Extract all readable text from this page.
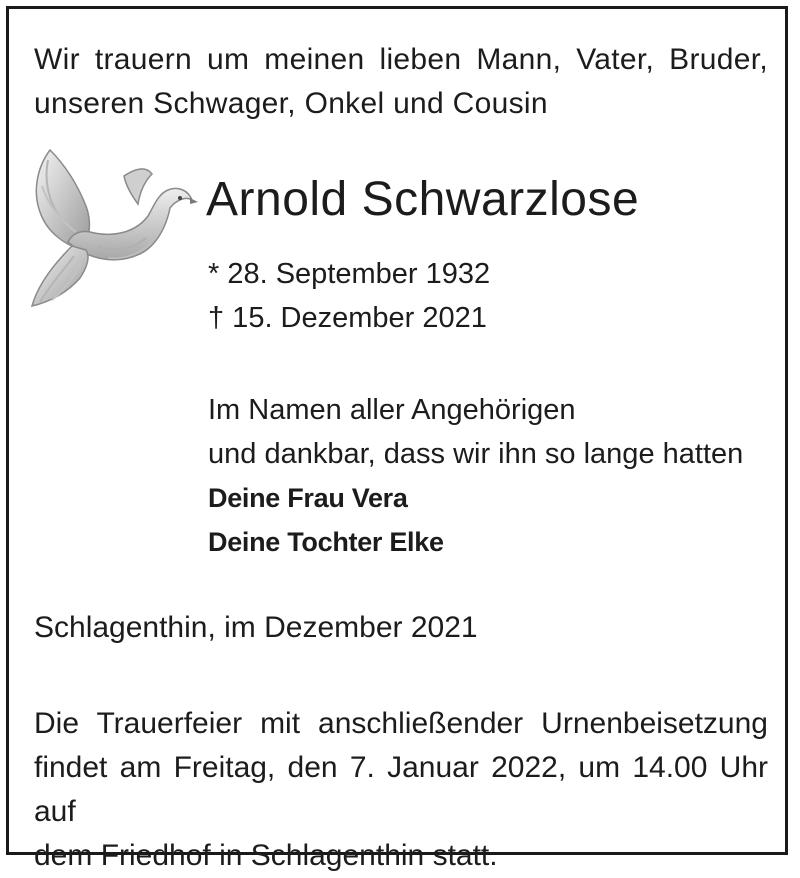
Wir trauern um meinen lieben Mann, Vater, Bruder,
unseren Schwager, Onkel und Cousin
Arnold Schwarzlose
* 28. September 1932
† 15. Dezember 2021
Im Namen aller Angehörigen
und dankbar, dass wir ihn so lange hatten
Deine Frau Vera
Deine Tochter Elke
Schlagenthin, im Dezember 2021
Die Trauerfeier mit anschließender Urnenbeisetzung
findet am Freitag, den 7. Januar 2022, um 14.00 Uhr auf
dem Friedhof in Schlagenthin statt.
